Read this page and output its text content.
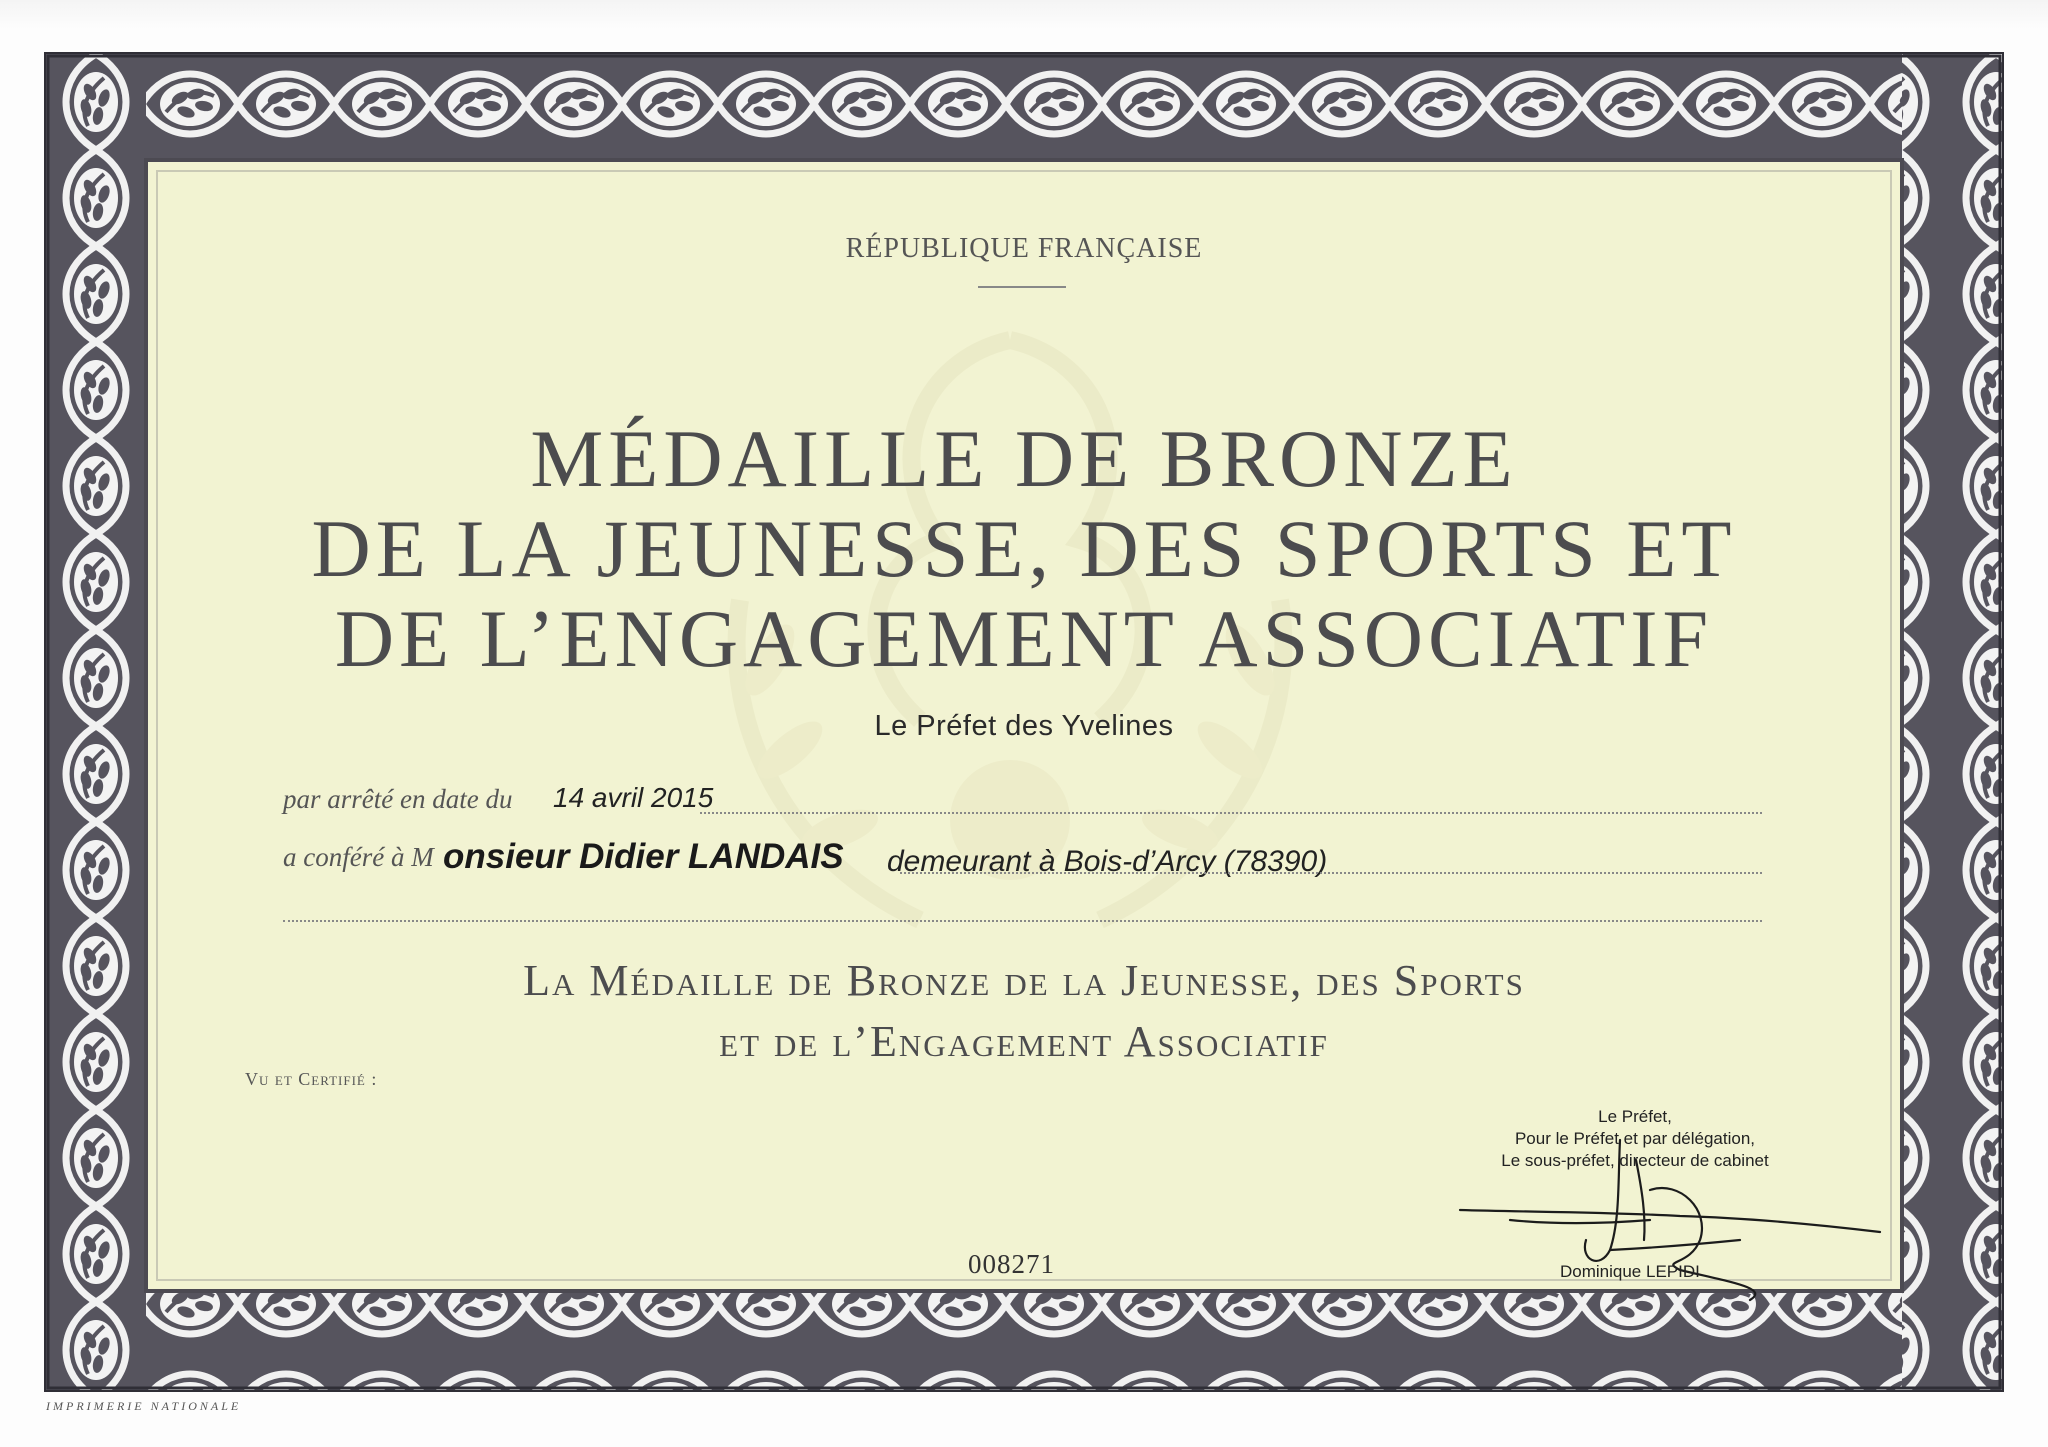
RÉPUBLIQUE FRANÇAISE
MÉDAILLE DE BRONZE
DE LA JEUNESSE, DES SPORTS ET
DE L’ENGAGEMENT ASSOCIATIF
Le Préfet des Yvelines
par arrêté en date du 14 avril 2015
a conféré à M onsieur Didier LANDAIS demeurant à Bois-d’Arcy (78390)
La Médaille de Bronze de la Jeunesse, des Sports
et de l’Engagement Associatif
Vu et Certifié :
Le Préfet,
Pour le Préfet et par délégation,
Le sous-préfet, directeur de cabinet
Dominique LEPIDI
008271
IMPRIMERIE NATIONALE
